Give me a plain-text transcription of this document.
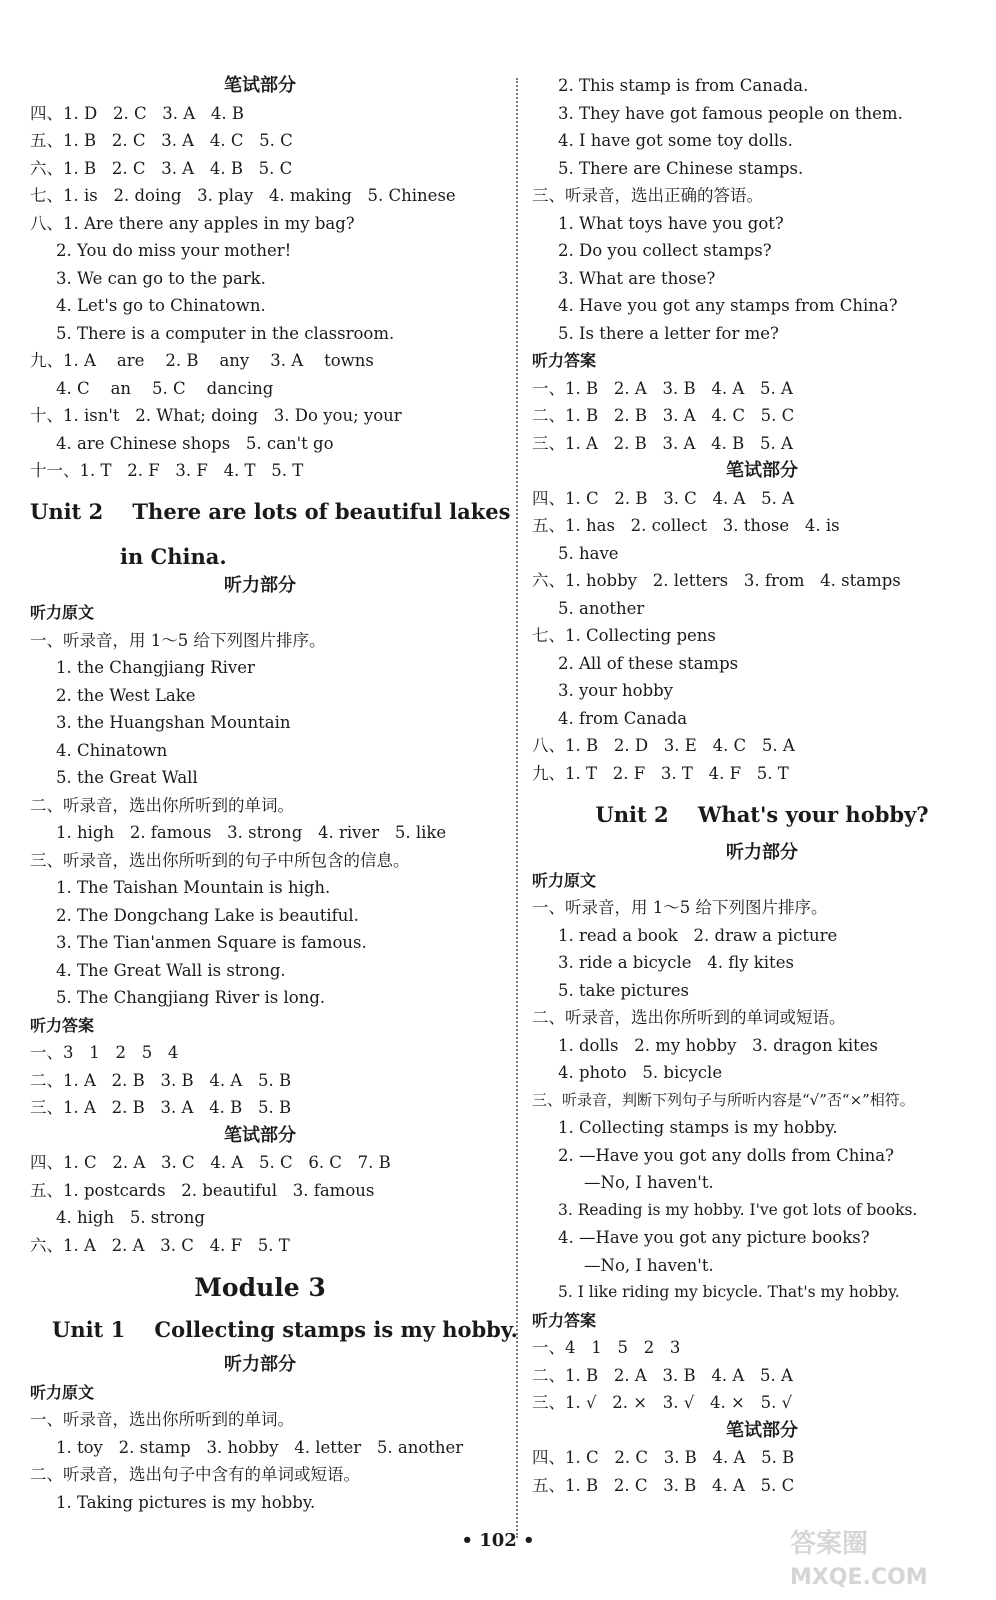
笔试部分
四、1. D   2. C   3. A   4. B
五、1. B   2. C   3. A   4. C   5. C
六、1. B   2. C   3. A   4. B   5. C
七、1. is   2. doing   3. play   4. making   5. Chinese
八、1. Are there any apples in my bag?
2. You do miss your mother!
3. We can go to the park.
4. Let's go to Chinatown.
5. There is a computer in the classroom.
九、1. A    are    2. B    any    3. A    towns
4. C    an    5. C    dancing
十、1. isn't   2. What; doing   3. Do you; your
4. are Chinese shops   5. can't go
十一、1. T   2. F   3. F   4. T   5. T
Unit 2    There are lots of beautiful lakes
in China.
听力部分
听力原文
一、听录音，用 1～5 给下列图片排序。
1. the Changjiang River
2. the West Lake
3. the Huangshan Mountain
4. Chinatown
5. the Great Wall
二、听录音，选出你所听到的单词。
1. high   2. famous   3. strong   4. river   5. like
三、听录音，选出你所听到的句子中所包含的信息。
1. The Taishan Mountain is high.
2. The Dongchang Lake is beautiful.
3. The Tian'anmen Square is famous.
4. The Great Wall is strong.
5. The Changjiang River is long.
听力答案
一、3   1   2   5   4
二、1. A   2. B   3. B   4. A   5. B
三、1. A   2. B   3. A   4. B   5. B
笔试部分
四、1. C   2. A   3. C   4. A   5. C   6. C   7. B
五、1. postcards   2. beautiful   3. famous
4. high   5. strong
六、1. A   2. A   3. C   4. F   5. T
Module 3
Unit 1    Collecting stamps is my hobby.
听力部分
听力原文
一、听录音，选出你所听到的单词。
1. toy   2. stamp   3. hobby   4. letter   5. another
二、听录音，选出句子中含有的单词或短语。
1. Taking pictures is my hobby.
2. This stamp is from Canada.
3. They have got famous people on them.
4. I have got some toy dolls.
5. There are Chinese stamps.
三、听录音，选出正确的答语。
1. What toys have you got?
2. Do you collect stamps?
3. What are those?
4. Have you got any stamps from China?
5. Is there a letter for me?
听力答案
一、1. B   2. A   3. B   4. A   5. A
二、1. B   2. B   3. A   4. C   5. C
三、1. A   2. B   3. A   4. B   5. A
笔试部分
四、1. C   2. B   3. C   4. A   5. A
五、1. has   2. collect   3. those   4. is
5. have
六、1. hobby   2. letters   3. from   4. stamps
5. another
七、1. Collecting pens
2. All of these stamps
3. your hobby
4. from Canada
八、1. B   2. D   3. E   4. C   5. A
九、1. T   2. F   3. T   4. F   5. T
Unit 2    What's your hobby?
听力部分
听力原文
一、听录音，用 1～5 给下列图片排序。
1. read a book   2. draw a picture
3. ride a bicycle   4. fly kites
5. take pictures
二、听录音，选出你所听到的单词或短语。
1. dolls   2. my hobby   3. dragon kites
4. photo   5. bicycle
三、听录音，判断下列句子与所听内容是“√”否“×”相符。
1. Collecting stamps is my hobby.
2. —Have you got any dolls from China?
—No, I haven't.
3. Reading is my hobby. I've got lots of books.
4. —Have you got any picture books?
—No, I haven't.
5. I like riding my bicycle. That's my hobby.
听力答案
一、4   1   5   2   3
二、1. B   2. A   3. B   4. A   5. A
三、1. √   2. ×   3. √   4. ×   5. √
笔试部分
四、1. C   2. C   3. B   4. A   5. B
五、1. B   2. C   3. B   4. A   5. C
• 102 •	答案圈
MXQE.COM
